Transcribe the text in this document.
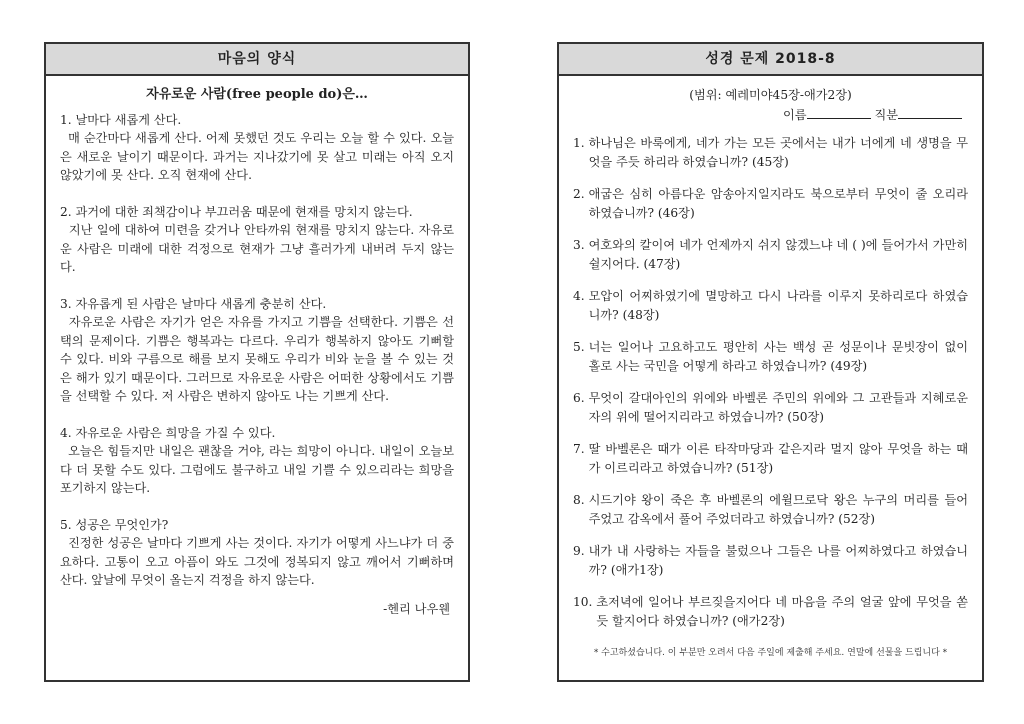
마음의 양식
자유로운 사람(free people do)은…

1. 날마다 새롭게 산다.

매 순간마다 새롭게 산다. 어제 못했던 것도 우리는 오늘 할 수 있다. 오늘은 새로운 날이기 때문이다. 과거는 지나갔기에 못 살고 미래는 아직 오지 않았기에 못 산다. 오직 현재에 산다.

2. 과거에 대한 죄책감이나 부끄러움 때문에 현재를 망치지 않는다.

지난 일에 대하여 미련을 갖거나 안타까워 현재를 망치지 않는다. 자유로운 사람은 미래에 대한 걱정으로 현재가 그냥 흘러가게 내버려 두지 않는다.

3. 자유롭게 된 사람은 날마다 새롭게 충분히 산다.

자유로운 사람은 자기가 얻은 자유를 가지고 기쁨을 선택한다. 기쁨은 선택의 문제이다. 기쁨은 행복과는 다르다. 우리가 행복하지 않아도 기뻐할 수 있다. 비와 구름으로 해를 보지 못해도 우리가 비와 눈을 볼 수 있는 것은 해가 있기 때문이다. 그러므로 자유로운 사람은 어떠한 상황에서도 기쁨을 선택할 수 있다. 저 사람은 변하지 않아도 나는 기쁘게 산다.

4. 자유로운 사람은 희망을 가질 수 있다.

오늘은 힘들지만 내일은 괜찮을 거야, 라는 희망이 아니다. 내일이 오늘보다 더 못할 수도 있다. 그럼에도 불구하고 내일 기쁠 수 있으리라는 희망을 포기하지 않는다.

5. 성공은 무엇인가?

진정한 성공은 날마다 기쁘게 사는 것이다. 자기가 어떻게 사느냐가 더 중요하다. 고통이 오고 아픔이 와도 그것에 정복되지 않고 깨어서 기뻐하며 산다. 앞날에 무엇이 올는지 걱정을 하지 않는다.

-헨리 나우웬
성경 문제 2018-8
(범위: 예레미야45장-애가2장)
이름	직분
1. 하나님은 바룩에게, 네가 가는 모든 곳에서는 내가 너에게 네 생명을 무엇을 주듯 하리라 하였습니까? (45장)
2. 애굽은 심히 아름다운 암송아지일지라도 북으로부터 무엇이 줄 오리라 하였습니까? (46장)
3. 여호와의 칼이여 네가 언제까지 쉬지 않겠느냐 네 ( )에 들어가서 가만히 쉴지어다. (47장)
4. 모압이 어찌하였기에 멸망하고 다시 나라를 이루지 못하리로다 하였습니까? (48장)
5. 너는 일어나 고요하고도 평안히 사는 백성 곧 성문이나 문빗장이 없이 홀로 사는 국민을 어떻게 하라고 하였습니까? (49장)
6. 무엇이 갈대아인의 위에와 바벨론 주민의 위에와 그 고관들과 지혜로운 자의 위에 떨어지리라고 하였습니까? (50장)
7. 딸 바벨론은 때가 이른 타작마당과 같은지라 멀지 않아 무엇을 하는 때가 이르리라고 하였습니까? (51장)
8. 시드기야 왕이 죽은 후 바벨론의 에윌므로닥 왕은 누구의 머리를 들어 주었고 감옥에서 풀어 주었더라고 하였습니까? (52장)
9. 내가 내 사랑하는 자들을 불렀으나 그들은 나를 어찌하였다고 하였습니까? (애가1장)
10. 초저녁에 일어나 부르짖을지어다 네 마음을 주의 얼굴 앞에 무엇을 쏟듯 할지어다 하였습니까? (애가2장)
* 수고하셨습니다. 이 부분만 오려서 다음 주일에 제출해 주세요. 연말에 선물을 드립니다 *
